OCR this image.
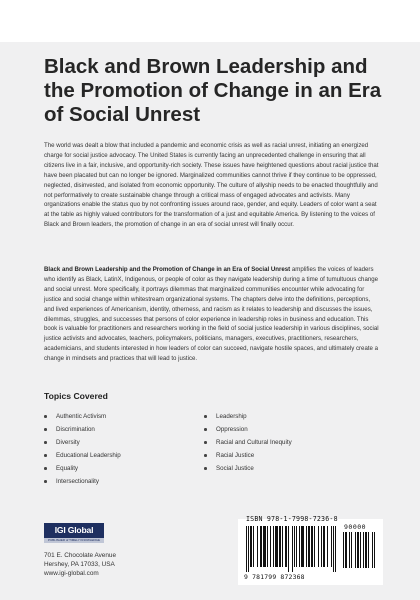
Black and Brown Leadership and the Promotion of Change in an Era of Social Unrest

The world was dealt a blow that included a pandemic and economic crisis as well as racial unrest, initiating an energized charge for social justice advocacy. The United States is currently facing an unprecedented challenge in ensuring that all citizens live in a fair, inclusive, and opportunity-rich society. These issues have heightened questions about racial justice that have been placated but can no longer be ignored. Marginalized communities cannot thrive if they continue to be oppressed, neglected, disinvested, and isolated from economic opportunity. The culture of allyship needs to be enacted thoughtfully and not performatively to create sustainable change through a critical mass of engaged advocates and activists. Many organizations enable the status quo by not confronting issues around race, gender, and equity. Leaders of color want a seat at the table as highly valued contributors for the transformation of a just and equitable America. By listening to the voices of Black and Brown leaders, the promotion of change in an era of social unrest will finally occur.

Black and Brown Leadership and the Promotion of Change in an Era of Social Unrest amplifies the voices of leaders who identify as Black, LatinX, Indigenous, or people of color as they navigate leadership during a time of tumultuous change and social unrest. More specifically, it portrays dilemmas that marginalized communities encounter while advocating for justice and social change within whitestream organizational systems. The chapters delve into the definitions, perceptions, and lived experiences of Americanism, identity, otherness, and racism as it relates to leadership and discusses the issues, dilemmas, struggles, and successes that persons of color experience in leadership roles in business and education. This book is valuable for practitioners and researchers working in the field of social justice leadership in various disciplines, social justice activists and advocates, teachers, policymakers, politicians, managers, executives, practitioners, researchers, academicians, and students interested in how leaders of color can succeed, navigate hostile spaces, and ultimately create a change in mindsets and practices that will lead to justice.

Topics Covered
Authentic Activism
Discrimination
Diversity
Educational Leadership
Equality
Intersectionality
Leadership
Oppression
Racial and Cultural Inequity
Racial Justice
Social Justice
IGI Global
PUBLISHER of TIMELY KNOWLEDGE
701 E. Chocolate Avenue
Hershey, PA 17033, USA
www.igi-global.com
ISBN 978-1-7998-7236-8
90000
9 781799 872368
